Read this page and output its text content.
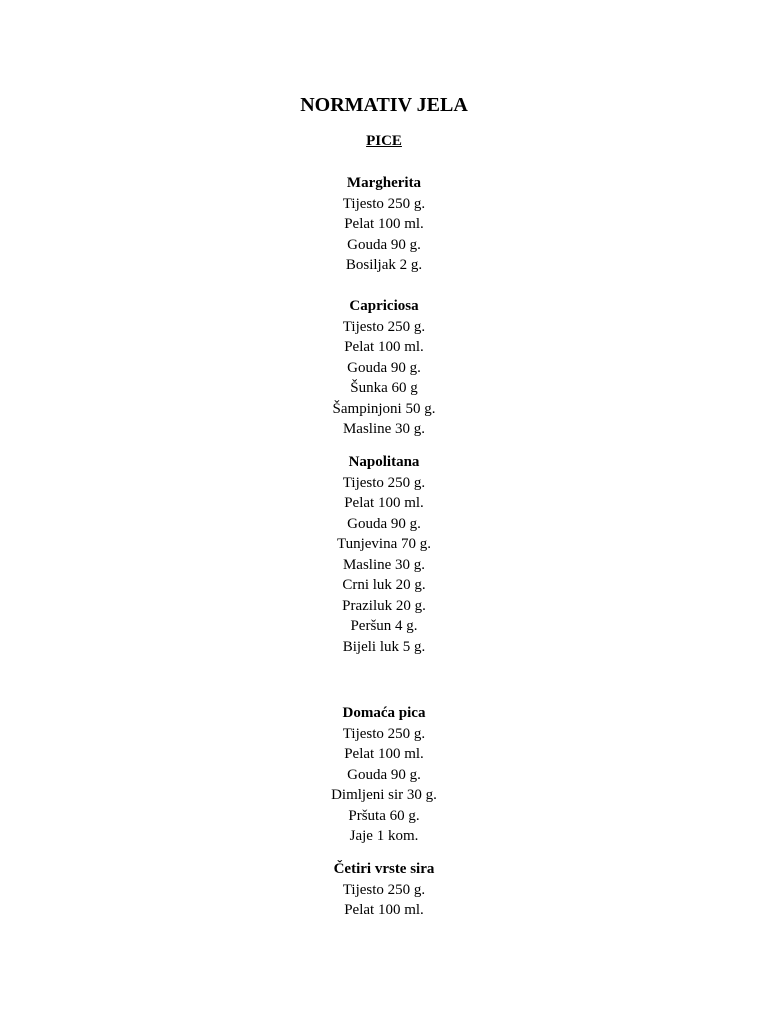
NORMATIV JELA
PICE
Margherita
Tijesto 250 g.
Pelat 100 ml.
Gouda 90 g.
Bosiljak 2 g.
Capriciosa
Tijesto 250 g.
Pelat 100 ml.
Gouda 90 g.
Šunka 60 g
Šampinjoni 50 g.
Masline 30 g.
Napolitana
Tijesto 250 g.
Pelat 100 ml.
Gouda 90 g.
Tunjevina 70 g.
Masline 30 g.
Crni luk 20 g.
Praziluk 20 g.
Peršun 4 g.
Bijeli luk 5 g.
Domaća pica
Tijesto 250 g.
Pelat 100 ml.
Gouda 90 g.
Dimljeni sir 30 g.
Pršuta 60 g.
Jaje 1 kom.
Četiri vrste sira
Tijesto 250 g.
Pelat 100 ml.
